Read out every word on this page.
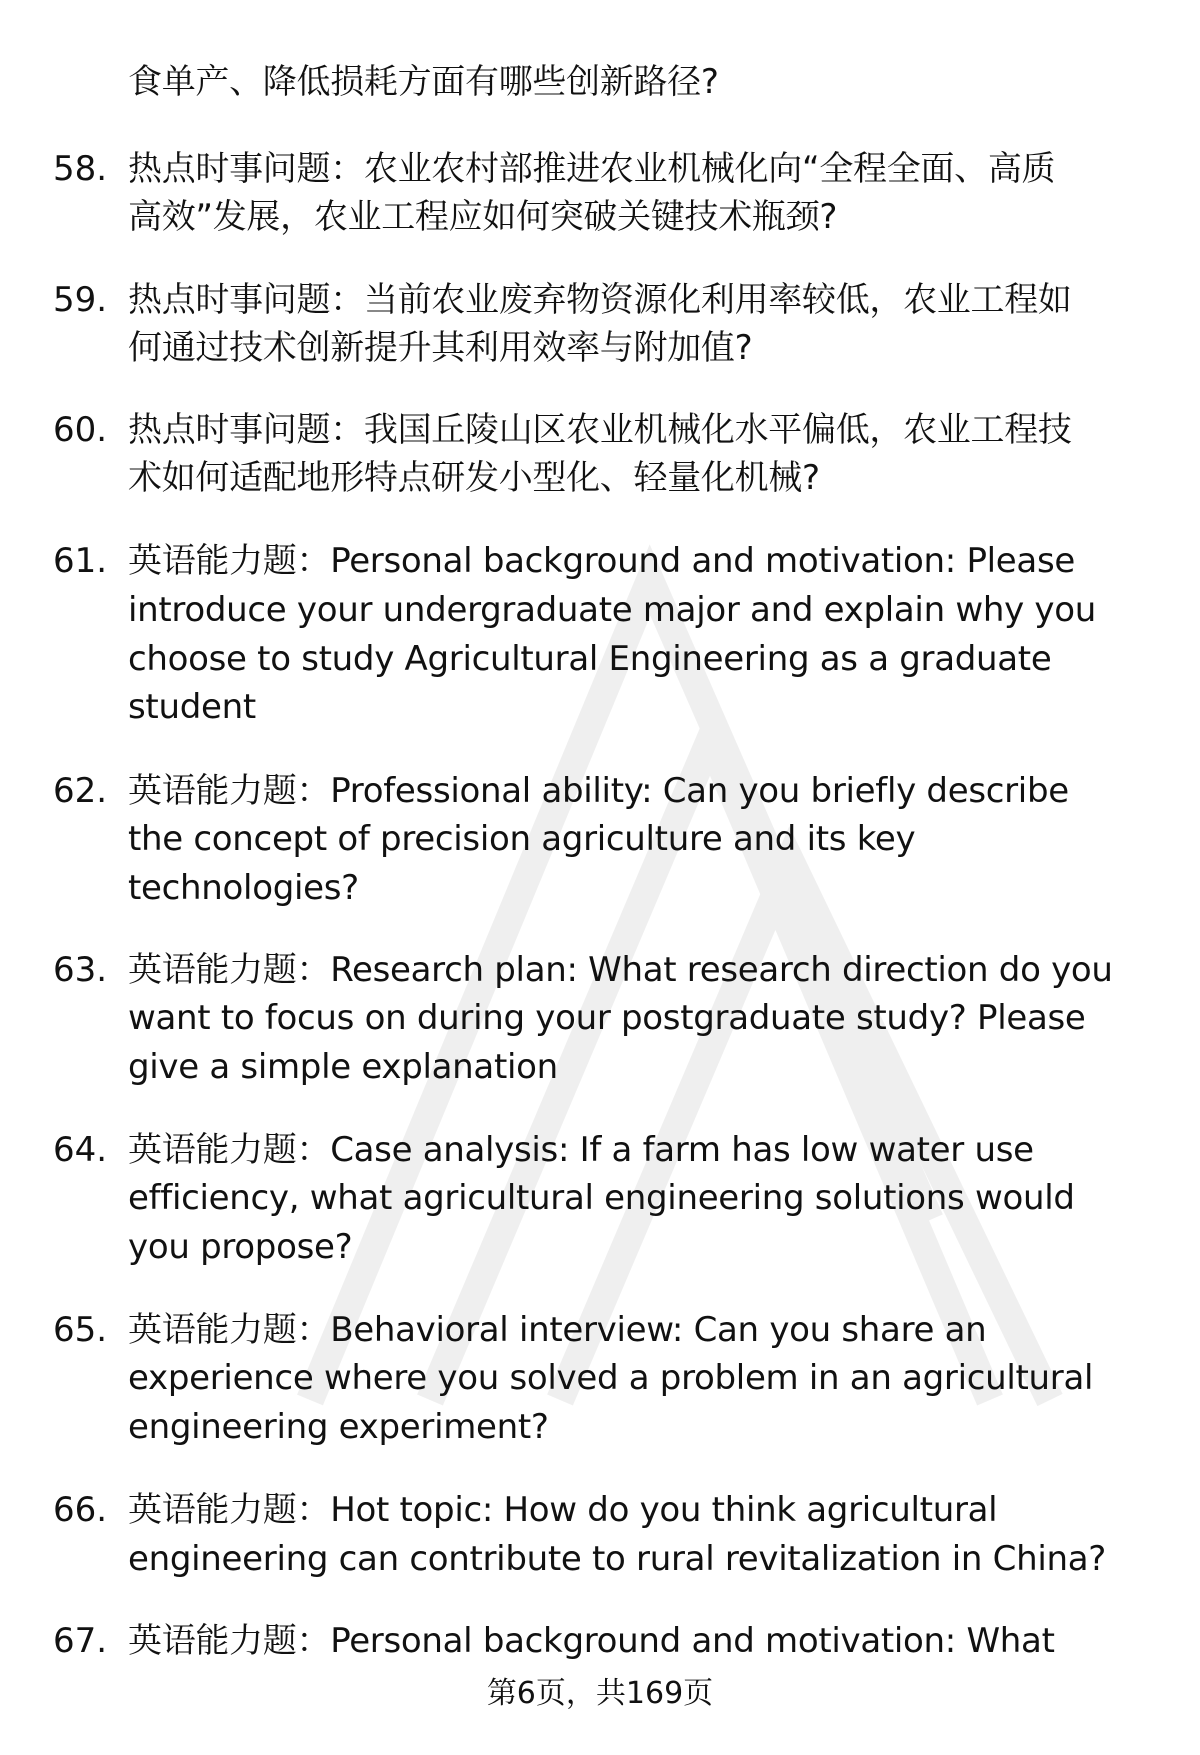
食单产、降低损耗方面有哪些创新路径?
58. 热点时事问题：农业农村部推进农业机械化向“全程全面、高质
高效”发展，农业工程应如何突破关键技术瓶颈?
59. 热点时事问题：当前农业废弃物资源化利用率较低，农业工程如
何通过技术创新提升其利用效率与附加值?
60. 热点时事问题：我国丘陵山区农业机械化水平偏低，农业工程技
术如何适配地形特点研发小型化、轻量化机械?
61. 英语能力题：Personal background and motivation: Please
introduce your undergraduate major and explain why you
choose to study Agricultural Engineering as a graduate
student
62. 英语能力题：Professional ability: Can you briefly describe
the concept of precision agriculture and its key
technologies?
63. 英语能力题：Research plan: What research direction do you
want to focus on during your postgraduate study? Please
give a simple explanation
64. 英语能力题：Case analysis: If a farm has low water use
efficiency, what agricultural engineering solutions would
you propose?
65. 英语能力题：Behavioral interview: Can you share an
experience where you solved a problem in an agricultural
engineering experiment?
66. 英语能力题：Hot topic: How do you think agricultural
engineering can contribute to rural revitalization in China?
67. 英语能力题：Personal background and motivation: What
第6页，共169页
